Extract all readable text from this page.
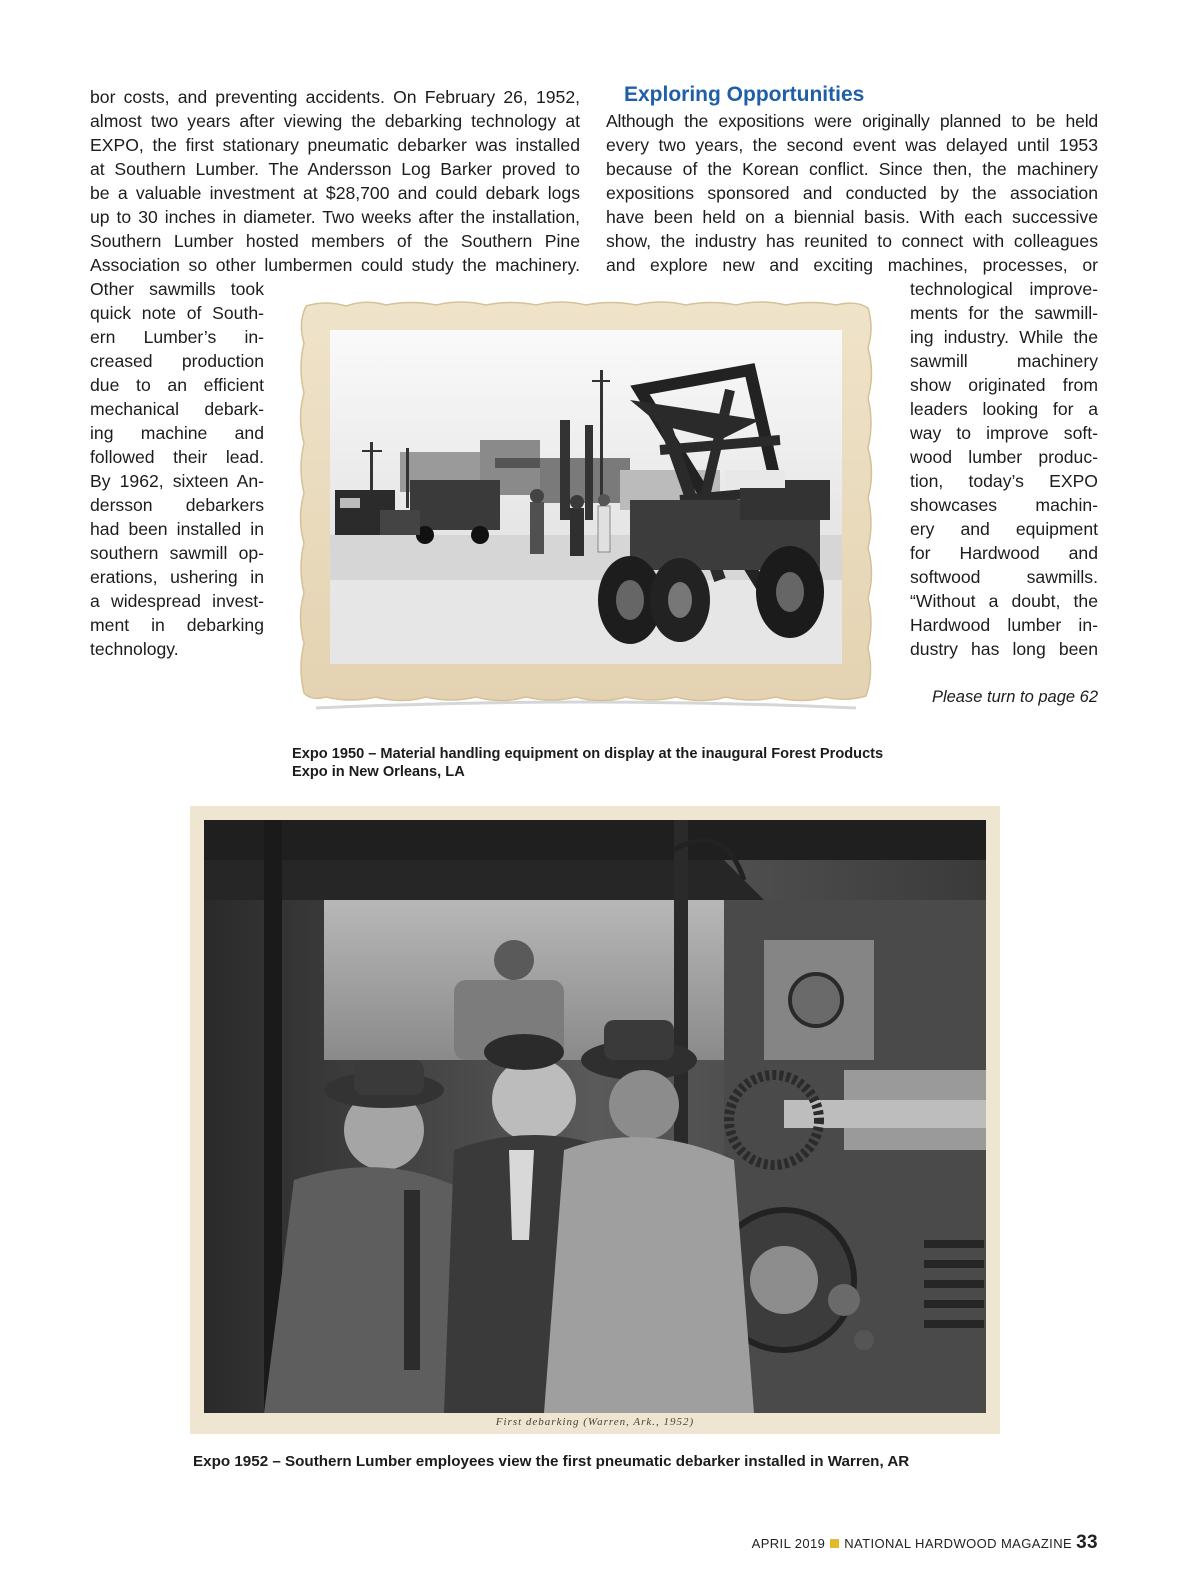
bor costs, and preventing accidents. On February 26, 1952,
almost two years after viewing the debarking technology at
EXPO, the first stationary pneumatic debarker was installed
at Southern Lumber. The Andersson Log Barker proved to
be a valuable investment at $28,700 and could debark logs
up to 30 inches in diameter. Two weeks after the installation,
Southern Lumber hosted members of the Southern Pine
Association so other lumbermen could study the machinery.
Other sawmills took
quick note of South-
ern Lumber’s in-
creased production
due to an efficient
mechanical debark-
ing machine and
followed their lead.
By 1962, sixteen An-
dersson debarkers
had been installed in
southern sawmill op-
erations, ushering in
a widespread invest-
ment in debarking
technology.
Exploring Opportunities
Although the expositions were originally planned to be held
every two years, the second event was delayed until 1953
because of the Korean conflict. Since then, the machinery
expositions sponsored and conducted by the association
have been held on a biennial basis. With each successive
show, the industry has reunited to connect with colleagues
and explore new and exciting machines, processes, or
technological improve-
ments for the sawmill-
ing industry. While the
sawmill machinery
show originated from
leaders looking for a
way to improve soft-
wood lumber produc-
tion, today’s EXPO
showcases machin-
ery and equipment
for Hardwood and
softwood sawmills.
“Without a doubt, the
Hardwood lumber in-
dustry has long been
Please turn to page 62
Expo 1950 – Material handling equipment on display at the inaugural Forest Products Expo in New Orleans, LA
First debarking (Warren, Ark., 1952)
Expo 1952 – Southern Lumber employees view the first pneumatic debarker installed in Warren, AR
APRIL 2019 NATIONAL HARDWOOD MAGAZINE 33
